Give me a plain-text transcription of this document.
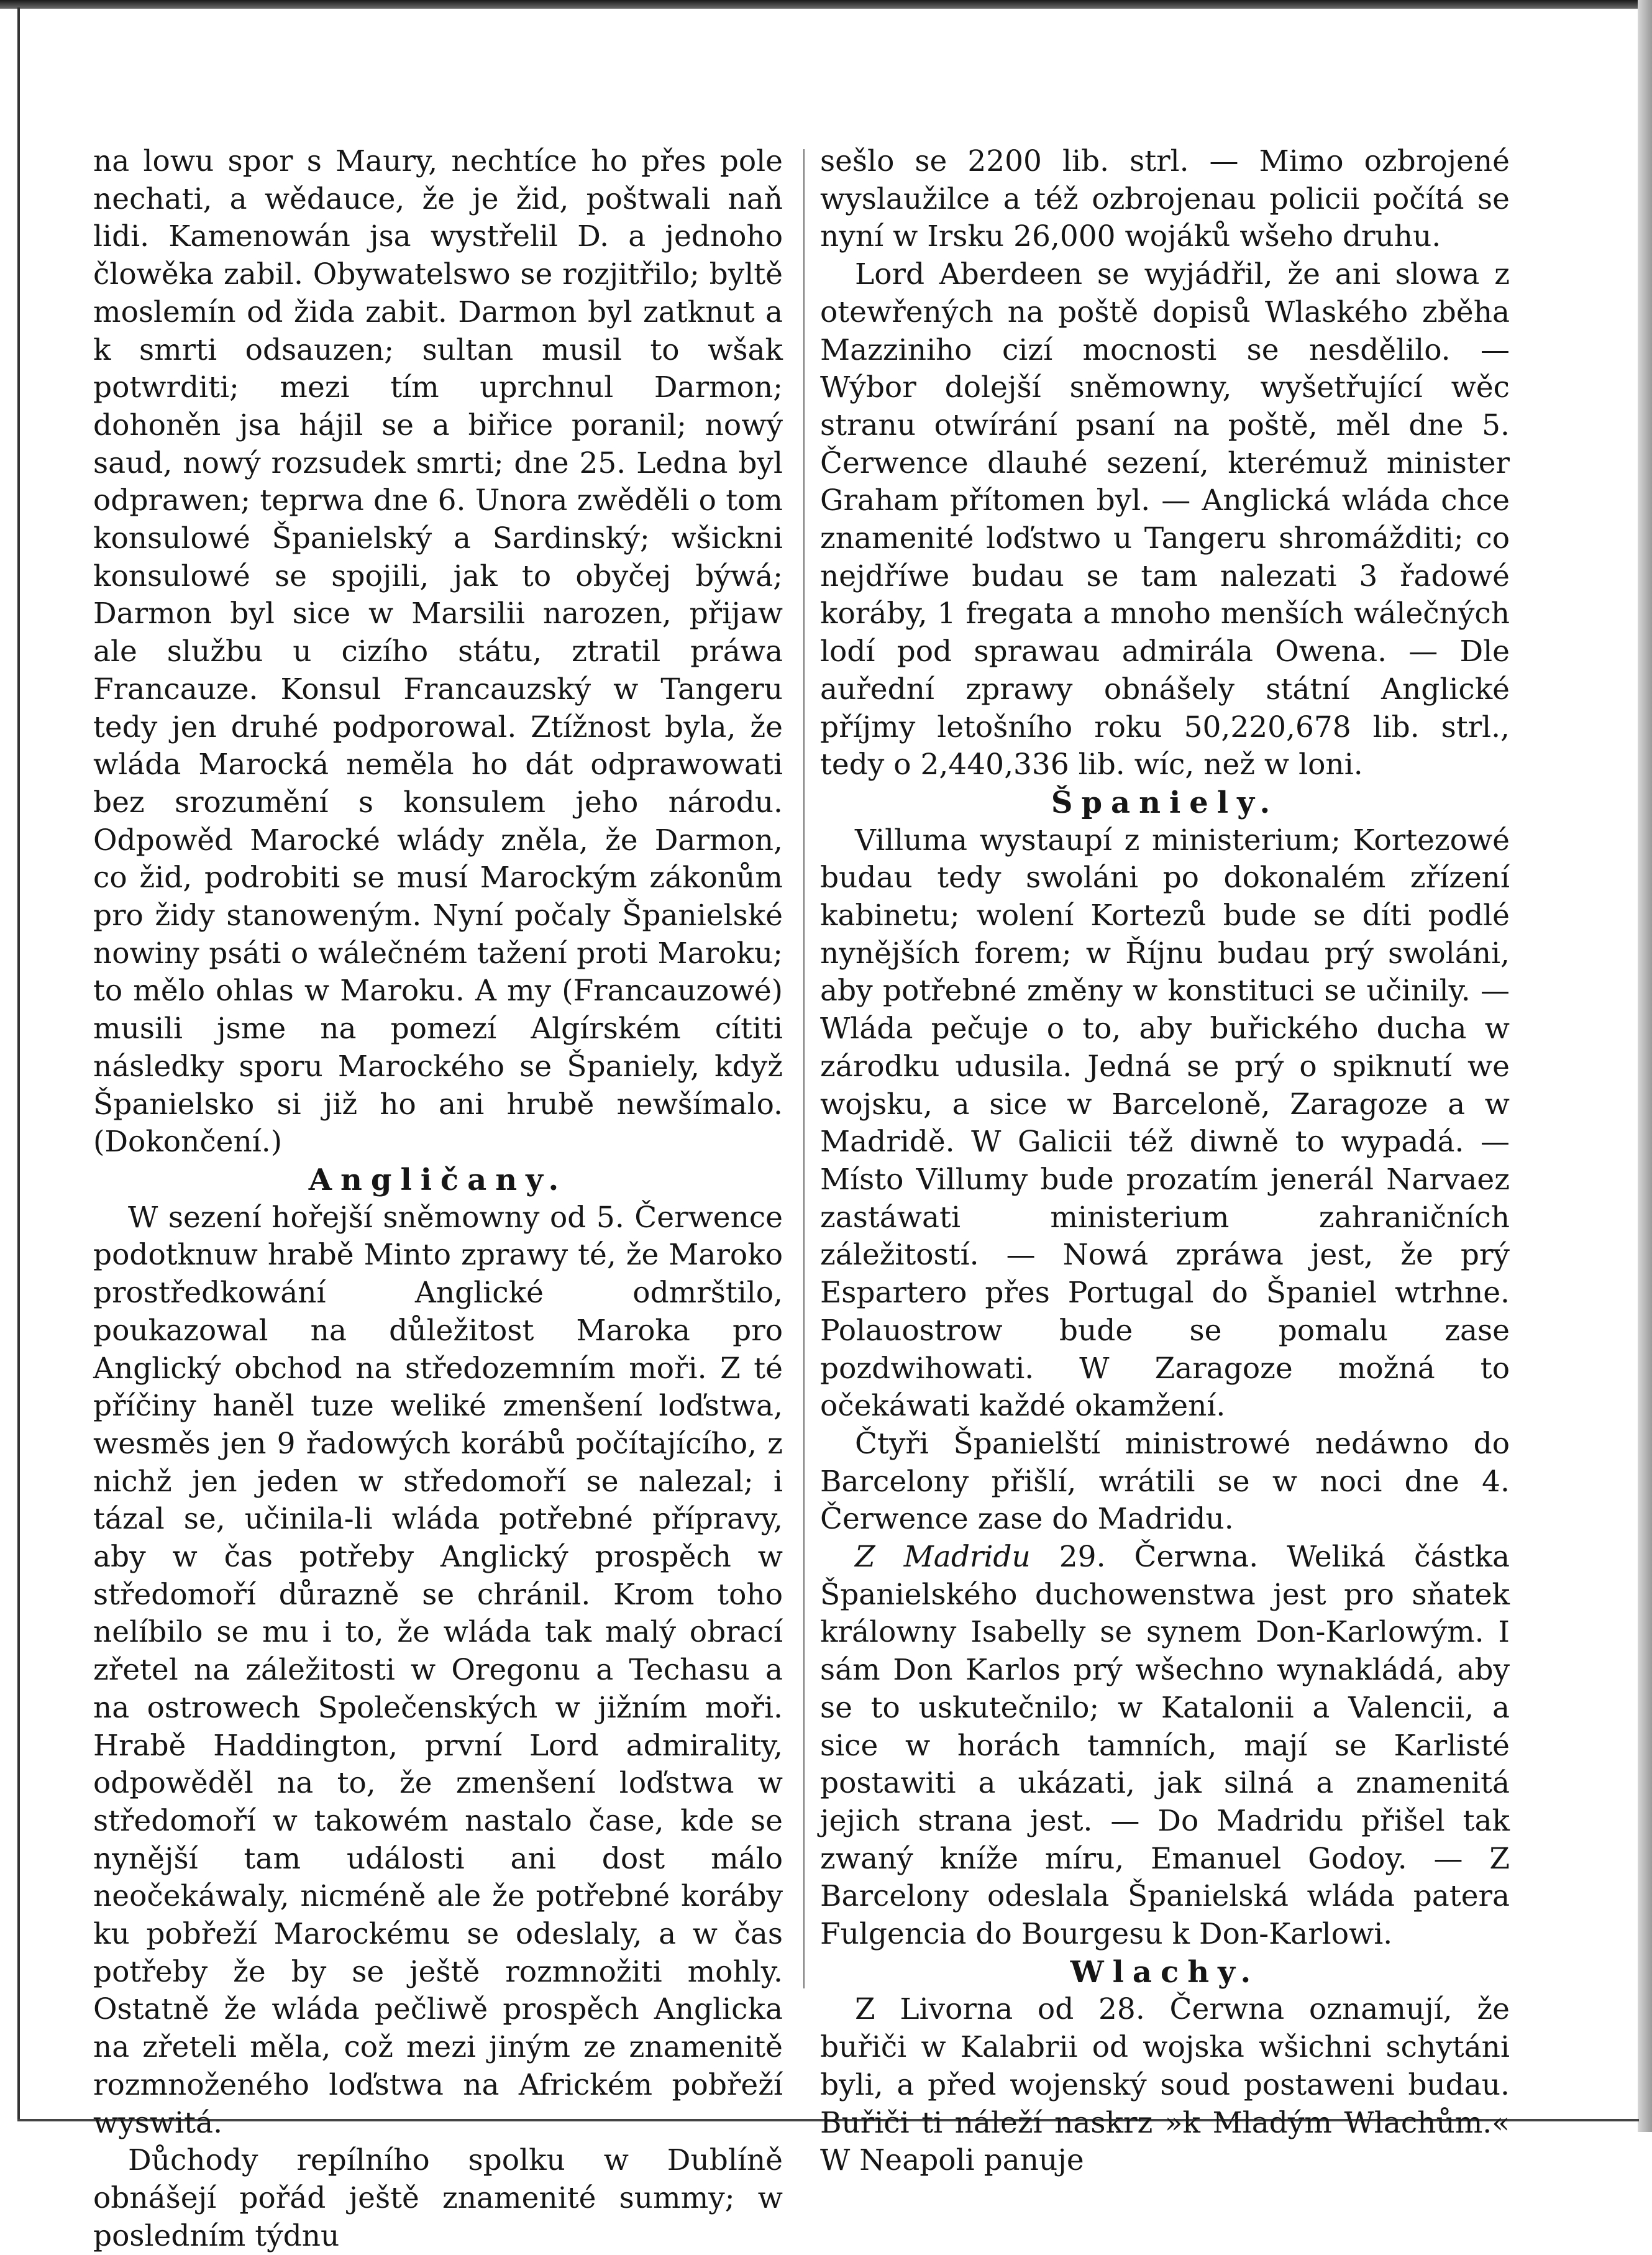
na lowu spor s Maury, nechtíce ho přes pole nechati, a wědauce, že je žid, poštwali naň lidi. Kamenowán jsa wystřelil D. a jednoho člowěka zabil. Obywatelswo se rozjitřilo; byltě moslemín od žida zabit. Darmon byl zatknut a k smrti odsauzen; sultan musil to wšak potwrditi; mezi tím uprchnul Darmon; dohoněn jsa hájil se a biřice poranil; nowý saud, nowý rozsudek smrti; dne 25. Ledna byl odprawen; teprwa dne 6. Unora zwěděli o tom konsulowé Španielský a Sardinský; wšickni konsulowé se spojili, jak to obyčej býwá; Darmon byl sice w Marsilii narozen, přijaw ale službu u cizího státu, ztratil práwa Francauze. Konsul Francauzský w Tangeru tedy jen druhé podporowal. Ztížnost byla, že wláda Marocká neměla ho dát odprawowati bez srozumění s konsulem jeho národu. Odpowěd Marocké wlády zněla, že Darmon, co žid, podrobiti se musí Marockým zákonům pro židy stanoweným. Nyní počaly Španielské nowiny psáti o wálečném tažení proti Maroku; to mělo ohlas w Maroku. A my (Francauzowé) musili jsme na pomezí Algírském cítiti následky sporu Marockého se Španiely, když Španielsko si již ho ani hrubě newšímalo. (Dokončení.)

Angličany.

W sezení hořejší sněmowny od 5. Čerwence podotknuw hrabě Minto zprawy té, že Maroko prostředkowání Anglické odmrštilo, poukazowal na důležitost Maroka pro Anglický obchod na středozemním moři. Z té příčiny haněl tuze weliké zmenšení loďstwa, wesměs jen 9 řadowých korábů počítajícího, z nichž jen jeden w středomoří se nalezal; i tázal se, učinila-li wláda potřebné přípravy, aby w čas potřeby Anglický prospěch w středomoří důrazně se chránil. Krom toho nelíbilo se mu i to, že wláda tak malý obrací zřetel na záležitosti w Oregonu a Techasu a na ostrowech Společenských w jižním moři. Hrabě Haddington, první Lord admirality, odpowěděl na to, že zmenšení loďstwa w středomoří w takowém nastalo čase, kde se nynější tam události ani dost málo neočekáwaly, nicméně ale že potřebné koráby ku pobřeží Marockému se odeslaly, a w čas potřeby že by se ještě rozmnožiti mohly. Ostatně že wláda pečliwě prospěch Anglicka na zřeteli měla, což mezi jiným ze znamenitě rozmnoženého loďstwa na Africkém pobřeží wyswitá.

Důchody repílního spolku w Dublíně obnášejí pořád ještě znamenité summy; w posledním týdnu

sešlo se 2200 lib. strl. — Mimo ozbrojené wyslaužilce a též ozbrojenau policii počítá se nyní w Irsku 26,000 wojáků wšeho druhu.

Lord Aberdeen se wyjádřil, že ani slowa z otewřených na poště dopisů Wlaského zběha Mazziniho cizí mocnosti se nesdělilo. — Wýbor dolejší sněmowny, wyšetřující wěc stranu otwírání psaní na poště, měl dne 5. Čerwence dlauhé sezení, kterémuž minister Graham přítomen byl. — Anglická wláda chce znamenité loďstwo u Tangeru shromážditi; co nejdříwe budau se tam nalezati 3 řadowé koráby, 1 fregata a mnoho menších wálečných lodí pod sprawau admirála Owena. — Dle auřední zprawy obnášely státní Anglické příjmy letošního roku 50,220,678 lib. strl., tedy o 2,440,336 lib. wíc, než w loni.

Španiely.

Villuma wystaupí z ministerium; Kortezowé budau tedy swoláni po dokonalém zřízení kabinetu; wolení Kortezů bude se díti podlé nynějších forem; w Říjnu budau prý swoláni, aby potřebné změny w konstituci se učinily. — Wláda pečuje o to, aby buřického ducha w zárodku udusila. Jedná se prý o spiknutí we wojsku, a sice w Barceloně, Zaragoze a w Madridě. W Galicii též diwně to wypadá. — Místo Villumy bude prozatím jenerál Narvaez zastáwati ministerium zahraničních záležitostí. — Nowá zpráwa jest, že prý Espartero přes Portugal do Španiel wtrhne. Polauostrow bude se pomalu zase pozdwihowati. W Zaragoze možná to očekáwati každé okamžení.

Čtyři Španielští ministrowé nedáwno do Barcelony přišlí, wrátili se w noci dne 4. Čerwence zase do Madridu.

Z Madridu 29. Čerwna. Weliká částka Španielského duchowenstwa jest pro sňatek králowny Isabelly se synem Don-Karlowým. I sám Don Karlos prý wšechno wynakládá, aby se to uskutečnilo; w Katalonii a Valencii, a sice w horách tamních, mají se Karlisté postawiti a ukázati, jak silná a znamenitá jejich strana jest. — Do Madridu přišel tak zwaný kníže míru, Emanuel Godoy. — Z Barcelony odeslala Španielská wláda patera Fulgencia do Bourgesu k Don-Karlowi.

Wlachy.

Z Livorna od 28. Čerwna oznamují, že buřiči w Kalabrii od wojska wšichni schytáni byli, a před wojenský soud postaweni budau. Buřiči ti náleží naskrz »k Mladým Wlachům.« W Neapoli panuje
